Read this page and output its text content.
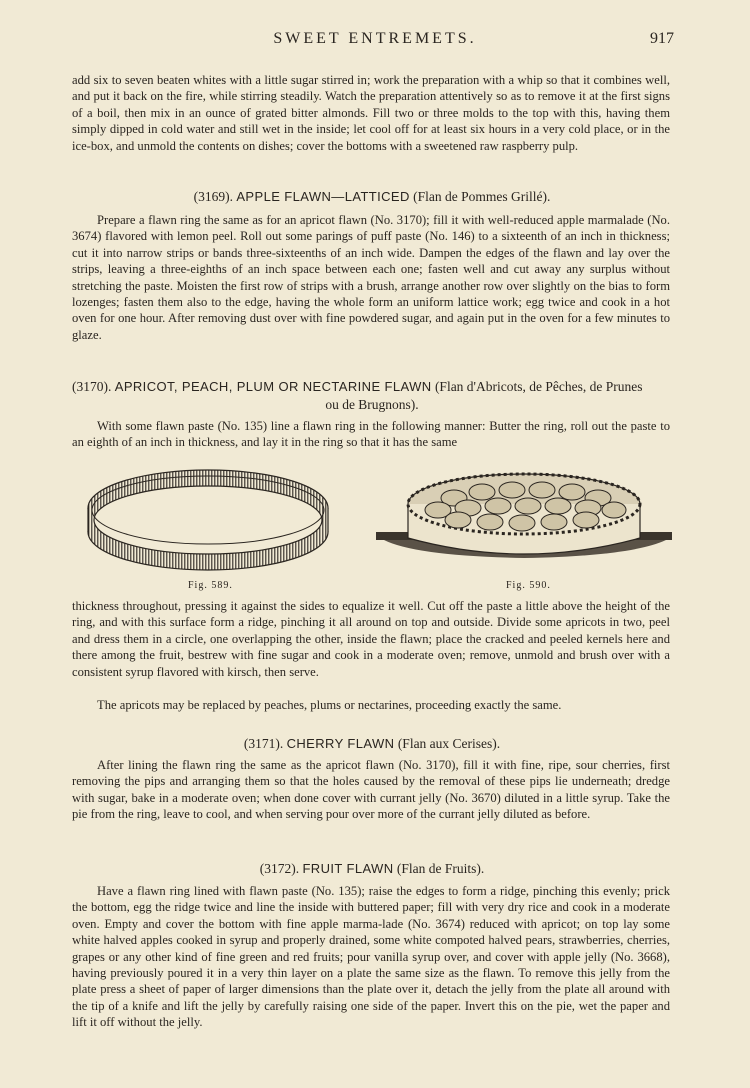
SWEET ENTREMETS.	917
add six to seven beaten whites with a little sugar stirred in; work the preparation with a whip so that it combines well, and put it back on the fire, while stirring steadily. Watch the preparation attentively so as to remove it at the first signs of a boil, then mix in an ounce of grated bitter almonds. Fill two or three molds to the top with this, having them simply dipped in cold water and still wet in the inside; let cool off for at least six hours in a very cold place, or in the ice-box, and unmold the contents on dishes; cover the bottoms with a sweetened raw raspberry pulp.
(3169). APPLE FLAWN—LATTICED (Flan de Pommes Grillé).
Prepare a flawn ring the same as for an apricot flawn (No. 3170); fill it with well-reduced apple marmalade (No. 3674) flavored with lemon peel. Roll out some parings of puff paste (No. 146) to a sixteenth of an inch in thickness; cut it into narrow strips or bands three-sixteenths of an inch wide. Dampen the edges of the flawn and lay over the strips, leaving a three-eighths of an inch space between each one; fasten well and cut away any surplus without stretching the paste. Moisten the first row of strips with a brush, arrange another row over slightly on the bias to form lozenges; fasten them also to the edge, having the whole form an uniform lattice work; egg twice and cook in a hot oven for one hour. After removing dust over with fine powdered sugar, and again put in the oven for a few minutes to glaze.
(3170). APRICOT, PEACH, PLUM OR NECTARINE FLAWN (Flan d'Abricots, de Pêches, de Prunes
ou de Brugnons).
With some flawn paste (No. 135) line a flawn ring in the following manner: Butter the ring, roll out the paste to an eighth of an inch in thickness, and lay it in the ring so that it has the same
Fig. 589.	Fig. 590.
thickness throughout, pressing it against the sides to equalize it well. Cut off the paste a little above the height of the ring, and with this surface form a ridge, pinching it all around on top and outside. Divide some apricots in two, peel and dress them in a circle, one overlapping the other, inside the flawn; place the cracked and peeled kernels here and there among the fruit, bestrew with fine sugar and cook in a moderate oven; remove, unmold and brush over with a consistent syrup flavored with kirsch, then serve.
The apricots may be replaced by peaches, plums or nectarines, proceeding exactly the same.
(3171). CHERRY FLAWN (Flan aux Cerises).
After lining the flawn ring the same as the apricot flawn (No. 3170), fill it with fine, ripe, sour cherries, first removing the pips and arranging them so that the holes caused by the removal of these pips lie underneath; dredge with sugar, bake in a moderate oven; when done cover with currant jelly (No. 3670) diluted in a little syrup. Take the pie from the ring, leave to cool, and when serving pour over more of the currant jelly diluted as before.
(3172). FRUIT FLAWN (Flan de Fruits).
Have a flawn ring lined with flawn paste (No. 135); raise the edges to form a ridge, pinching this evenly; prick the bottom, egg the ridge twice and line the inside with buttered paper; fill with very dry rice and cook in a moderate oven. Empty and cover the bottom with fine apple marma-lade (No. 3674) reduced with apricot; on top lay some white halved apples cooked in syrup and properly drained, some white compoted halved pears, strawberries, cherries, grapes or any other kind of fine green and red fruits; pour vanilla syrup over, and cover with apple jelly (No. 3668), having previously poured it in a very thin layer on a plate the same size as the flawn. To remove this jelly from the plate press a sheet of paper of larger dimensions than the plate over it, detach the jelly from the plate all around with the tip of a knife and lift the jelly by carefully raising one side of the paper. Invert this on the pie, wet the paper and lift it off without the jelly.
